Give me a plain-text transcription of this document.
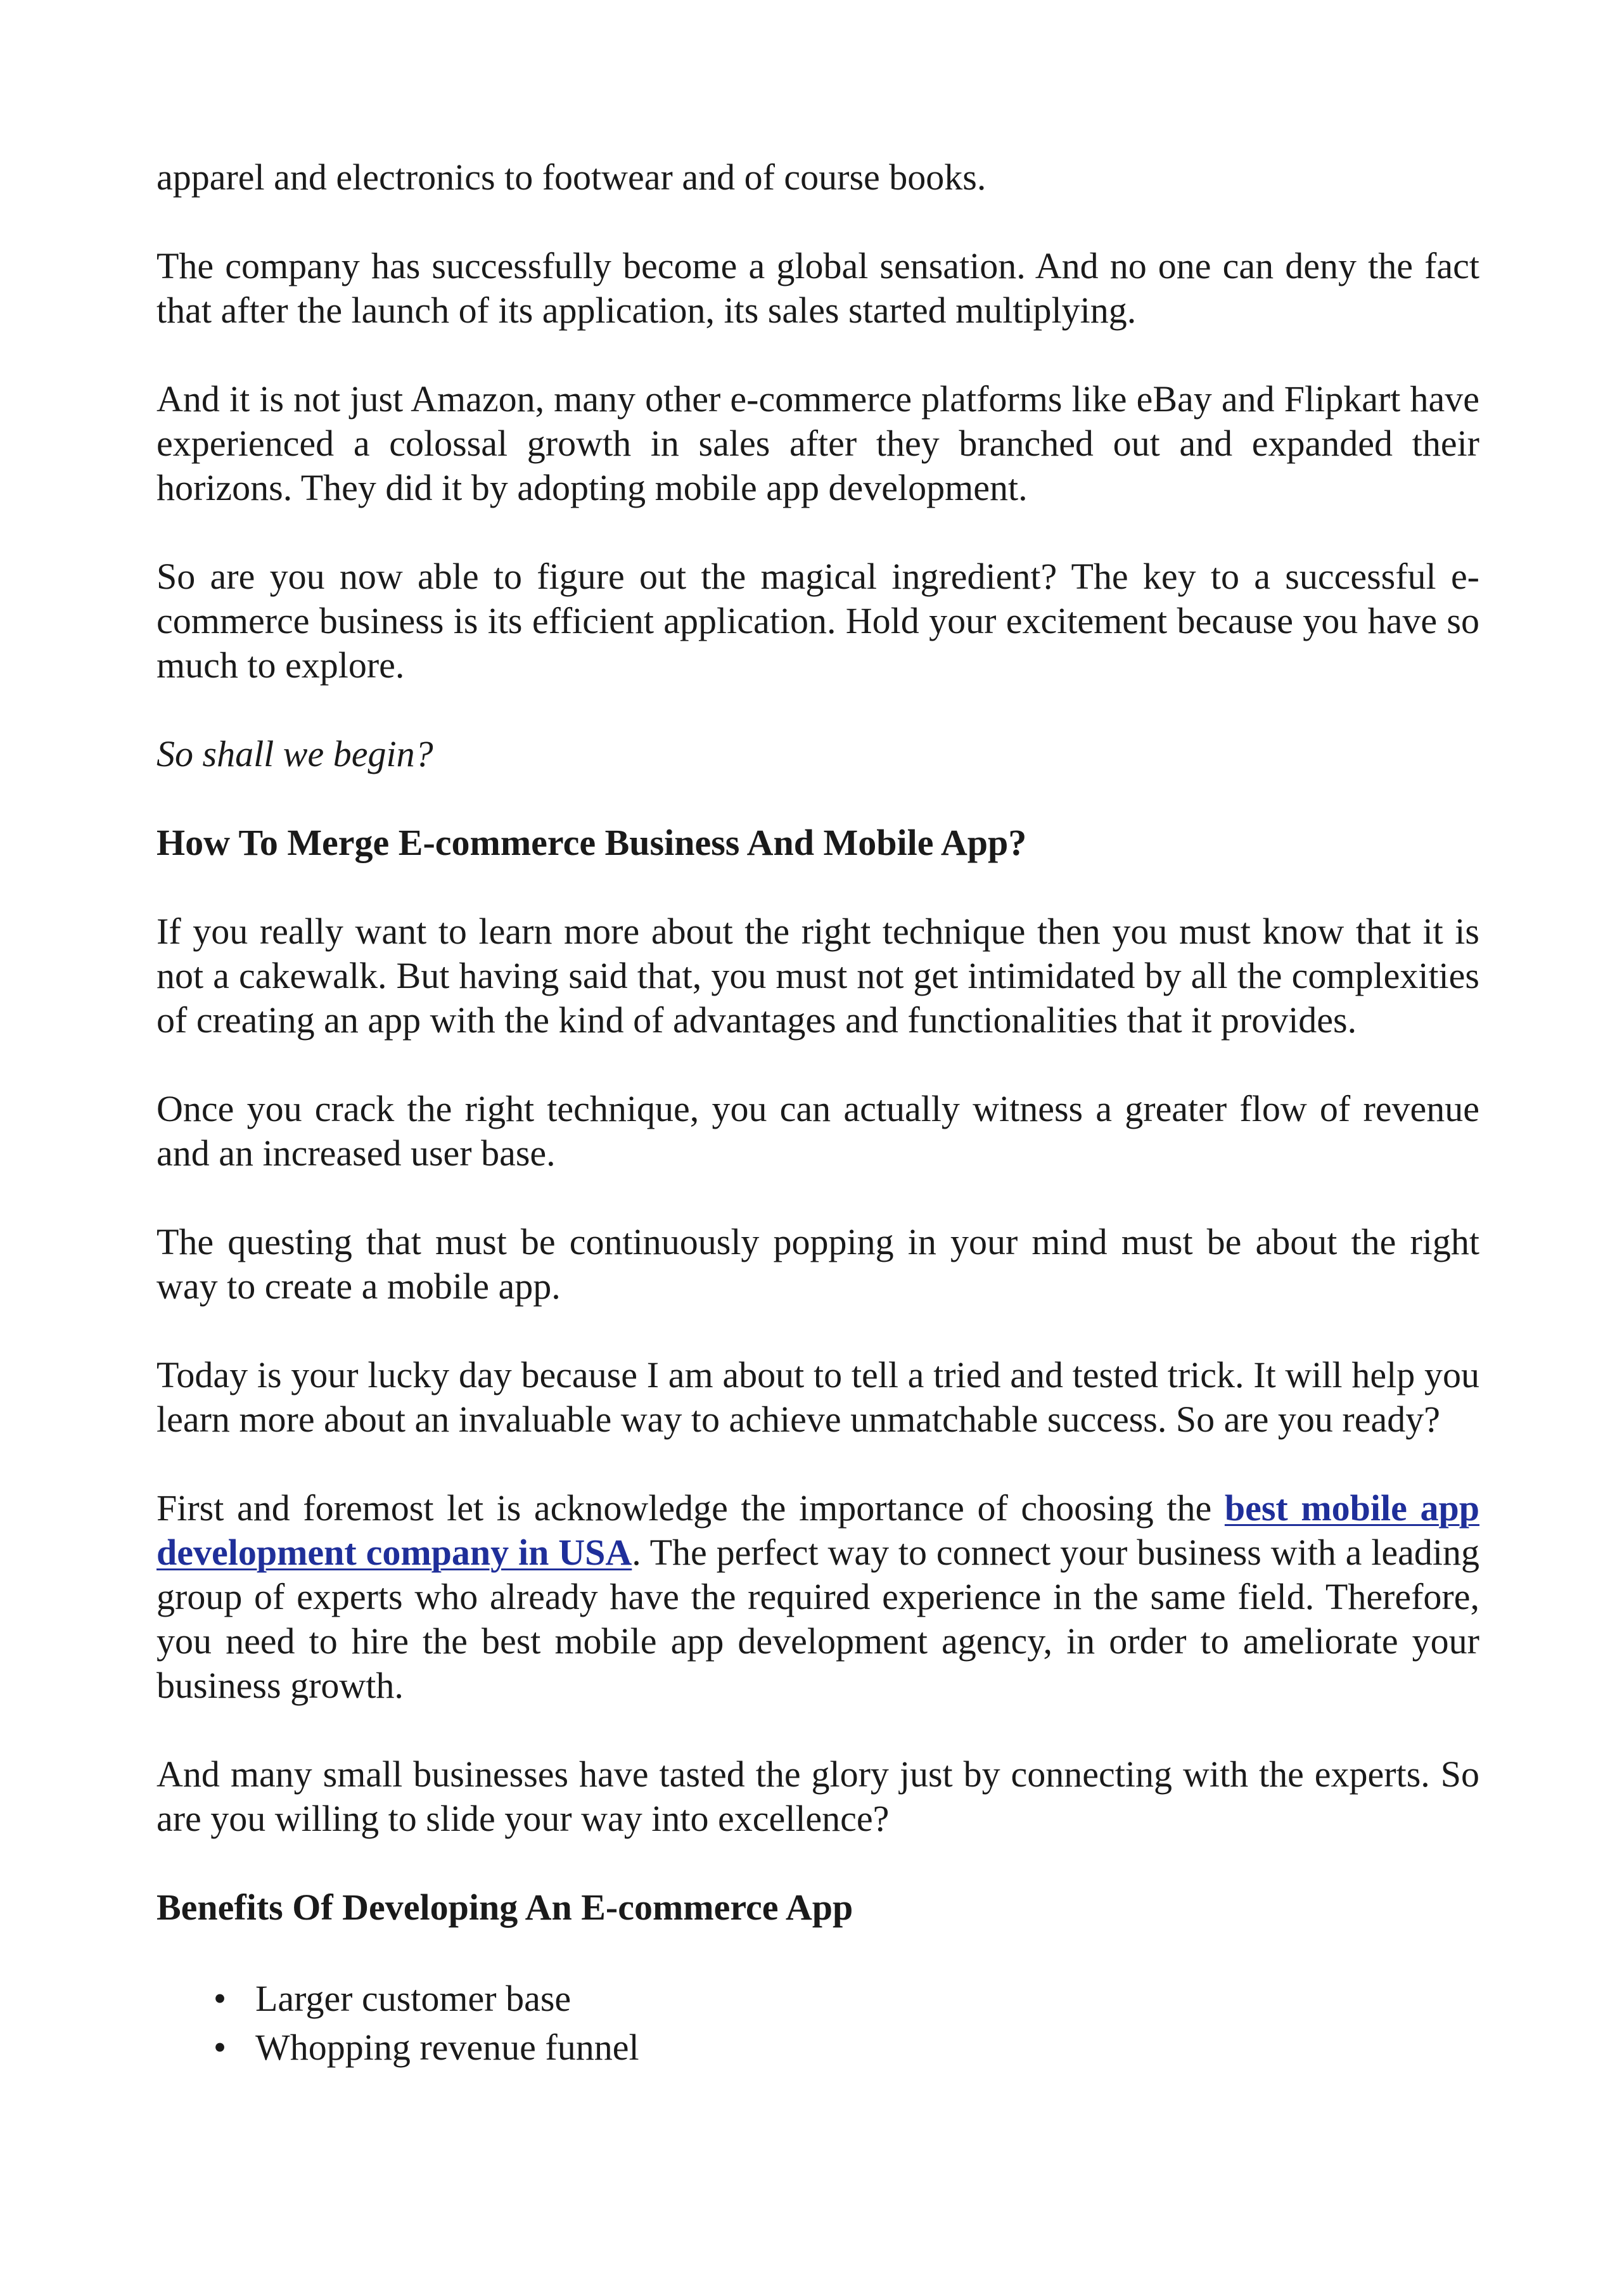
apparel and electronics to footwear and of course books.

The company has successfully become a global sensation. And no one can deny the fact that after the launch of its application, its sales started multiplying.

And it is not just Amazon, many other e-commerce platforms like eBay and Flipkart have experienced a colossal growth in sales after they branched out and expanded their horizons. They did it by adopting mobile app development.

So are you now able to figure out the magical ingredient? The key to a successful e-commerce business is its efficient application. Hold your excitement because you have so much to explore.

So shall we begin?

How To Merge E-commerce Business And Mobile App?

If you really want to learn more about the right technique then you must know that it is not a cakewalk. But having said that, you must not get intimidated by all the complexities of creating an app with the kind of advantages and functionalities that it provides.

Once you crack the right technique, you can actually witness a greater flow of revenue and an increased user base.

The questing that must be continuously popping in your mind must be about the right way to create a mobile app.

Today is your lucky day because I am about to tell a tried and tested trick. It will help you learn more about an invaluable way to achieve unmatchable success. So are you ready?

First and foremost let is acknowledge the importance of choosing the best mobile app development company in USA. The perfect way to connect your business with a leading group of experts who already have the required experience in the same field. Therefore, you need to hire the best mobile app development agency, in order to ameliorate your business growth.

And many small businesses have tasted the glory just by connecting with the experts. So are you willing to slide your way into excellence?

Benefits Of Developing An E-commerce App

• Larger customer base
• Whopping revenue funnel
